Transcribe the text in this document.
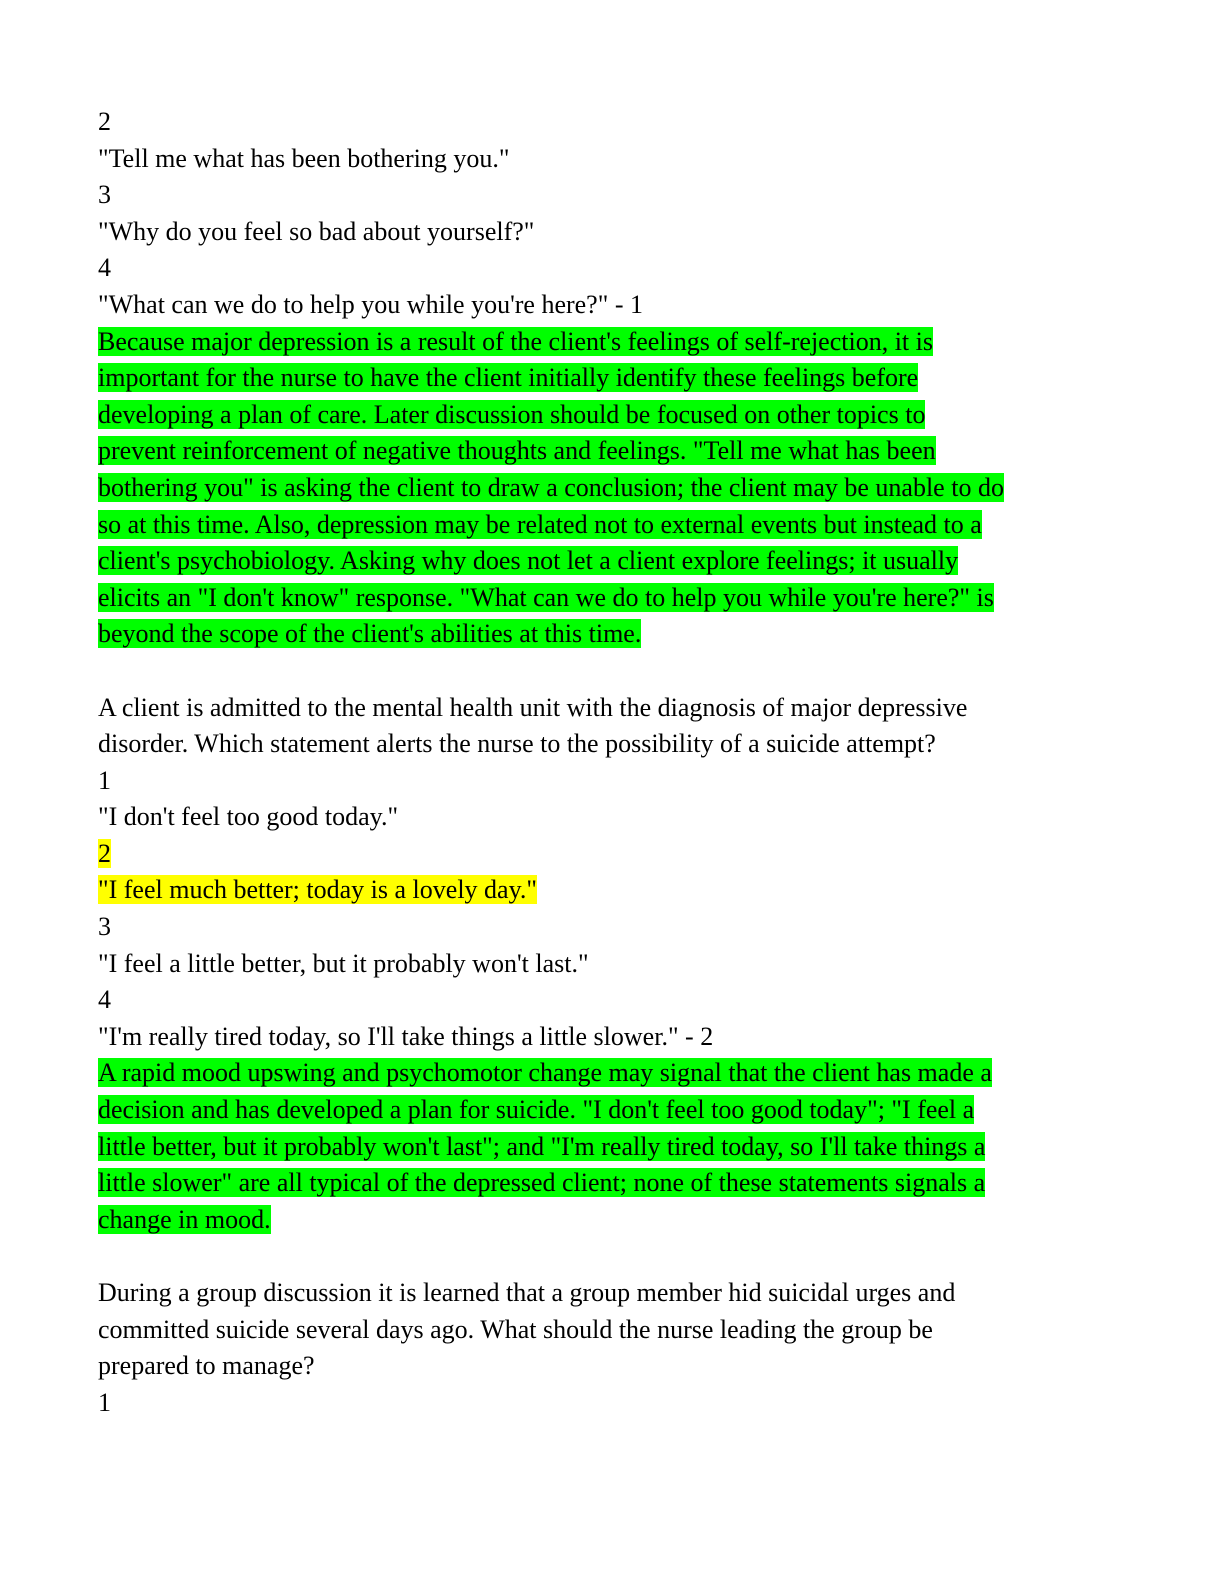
2
"Tell me what has been bothering you."
3
"Why do you feel so bad about yourself?"
4
"What can we do to help you while you're here?" - 1
Because major depression is a result of the client's feelings of self-rejection, it is
important for the nurse to have the client initially identify these feelings before
developing a plan of care. Later discussion should be focused on other topics to
prevent reinforcement of negative thoughts and feelings. "Tell me what has been
bothering you" is asking the client to draw a conclusion; the client may be unable to do
so at this time. Also, depression may be related not to external events but instead to a
client's psychobiology. Asking why does not let a client explore feelings; it usually
elicits an "I don't know" response. "What can we do to help you while you're here?" is
beyond the scope of the client's abilities at this time.
A client is admitted to the mental health unit with the diagnosis of major depressive
disorder. Which statement alerts the nurse to the possibility of a suicide attempt?
1
"I don't feel too good today."
2
"I feel much better; today is a lovely day."
3
"I feel a little better, but it probably won't last."
4
"I'm really tired today, so I'll take things a little slower." - 2
A rapid mood upswing and psychomotor change may signal that the client has made a
decision and has developed a plan for suicide. "I don't feel too good today"; "I feel a
little better, but it probably won't last"; and "I'm really tired today, so I'll take things a
little slower" are all typical of the depressed client; none of these statements signals a
change in mood.
During a group discussion it is learned that a group member hid suicidal urges and
committed suicide several days ago. What should the nurse leading the group be
prepared to manage?
1
